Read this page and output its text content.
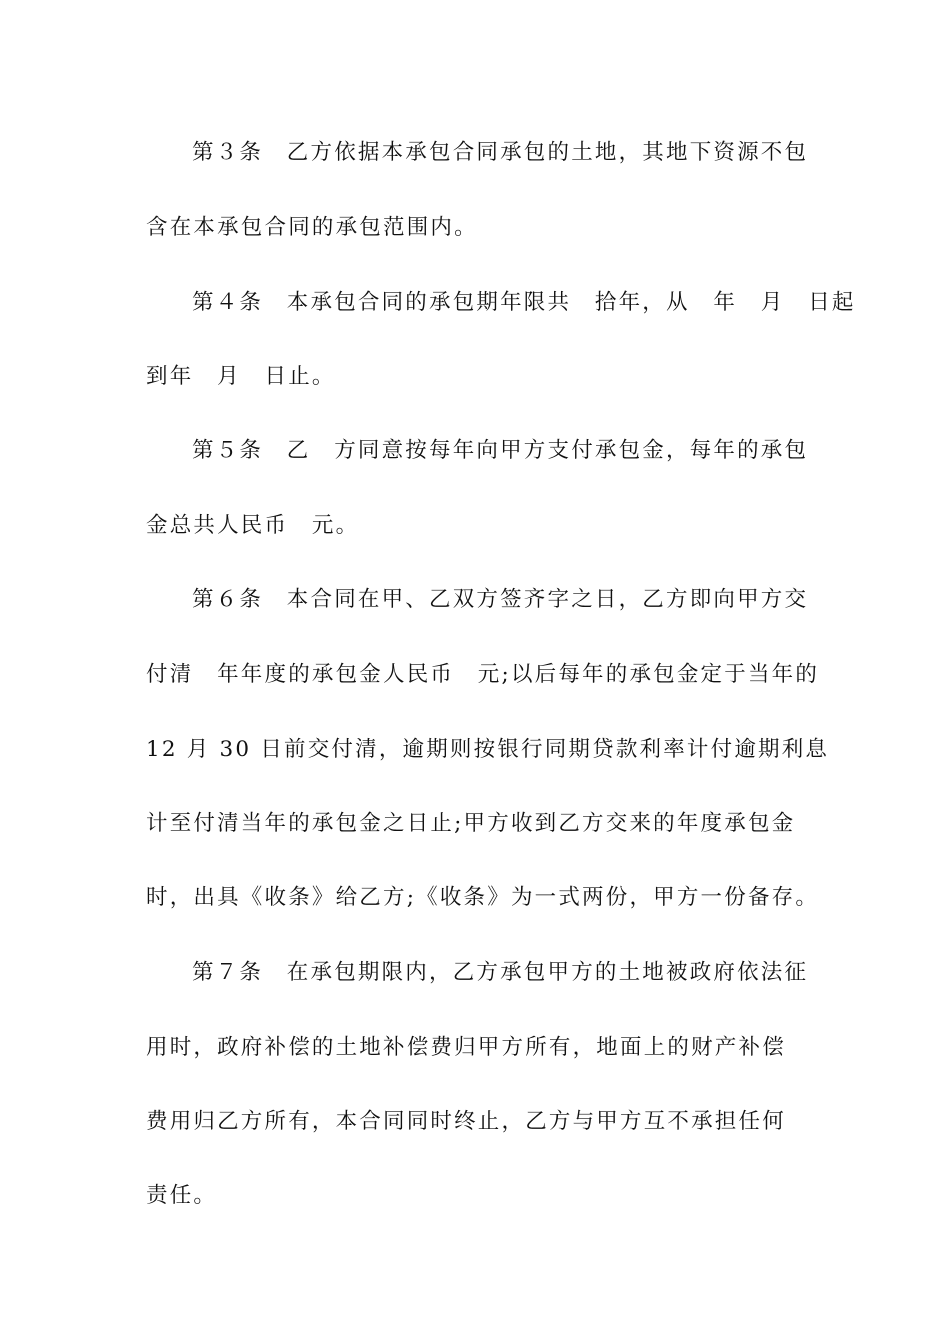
第３条　乙方依据本承包合同承包的土地，其地下资源不包
含在本承包合同的承包范围内。
第４条　本承包合同的承包期年限共　拾年，从　年　月　日起
到年　月　日止。
第５条　乙　方同意按每年向甲方支付承包金，每年的承包
金总共人民币　元。
第６条　本合同在甲、乙双方签齐字之日，乙方即向甲方交
付清　年年度的承包金人民币　元;以后每年的承包金定于当年的
12 月 30 日前交付清，逾期则按银行同期贷款利率计付逾期利息
计至付清当年的承包金之日止;甲方收到乙方交来的年度承包金
时，出具《收条》给乙方;《收条》为一式两份，甲方一份备存。
第７条　在承包期限内，乙方承包甲方的土地被政府依法征
用时，政府补偿的土地补偿费归甲方所有，地面上的财产补偿
费用归乙方所有，本合同同时终止，乙方与甲方互不承担任何
责任。
